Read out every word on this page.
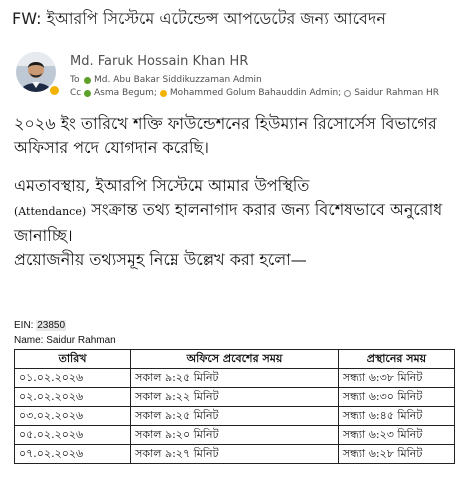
FW: ইআরপি সিস্টেমে এটেন্ডেন্স আপডেটের জন্য আবেদন
Md. Faruk Hossain Khan HR
To	Md. Abu Bakar Siddikuzzaman Admin
Cc	Asma Begum; Mohammed Golum Bahauddin Admin; Saidur Rahman HR

২০২৬ ইং তারিখে শক্তি ফাউন্ডেশনের হিউম্যান রিসোর্সেস বিভাগের অফিসার পদে যোগদান করেছি।

এমতাবস্থায়, ইআরপি সিস্টেমে আমার উপস্থিতি
(Attendance) সংক্রান্ত তথ্য হালনাগাদ করার জন্য বিশেষভাবে অনুরোধ জানাচ্ছি।

প্রয়োজনীয় তথ্যসমূহ নিম্নে উল্লেখ করা হলো—

EIN: 23850
Name: Saidur Rahman
তারিখ	অফিসে প্রবেশের সময়	প্রস্থানের সময়
০১.০২.২০২৬	সকাল ৯:২৫ মিনিট	সন্ধ্যা ৬:৩৮ মিনিট
০২.০২.২০২৬	সকাল ৯:২২ মিনিট	সন্ধ্যা ৬:৩০ মিনিট
০৩.০২.২০২৬	সকাল ৯:২৫ মিনিট	সন্ধ্যা ৬:৪৫ মিনিট
০৫.০২.২০২৬	সকাল ৯:২০ মিনিট	সন্ধ্যা ৬:২৩ মিনিট
০৭.০২.২০২৬	সকাল ৯:২৭ মিনিট	সন্ধ্যা ৬:২৮ মিনিট
